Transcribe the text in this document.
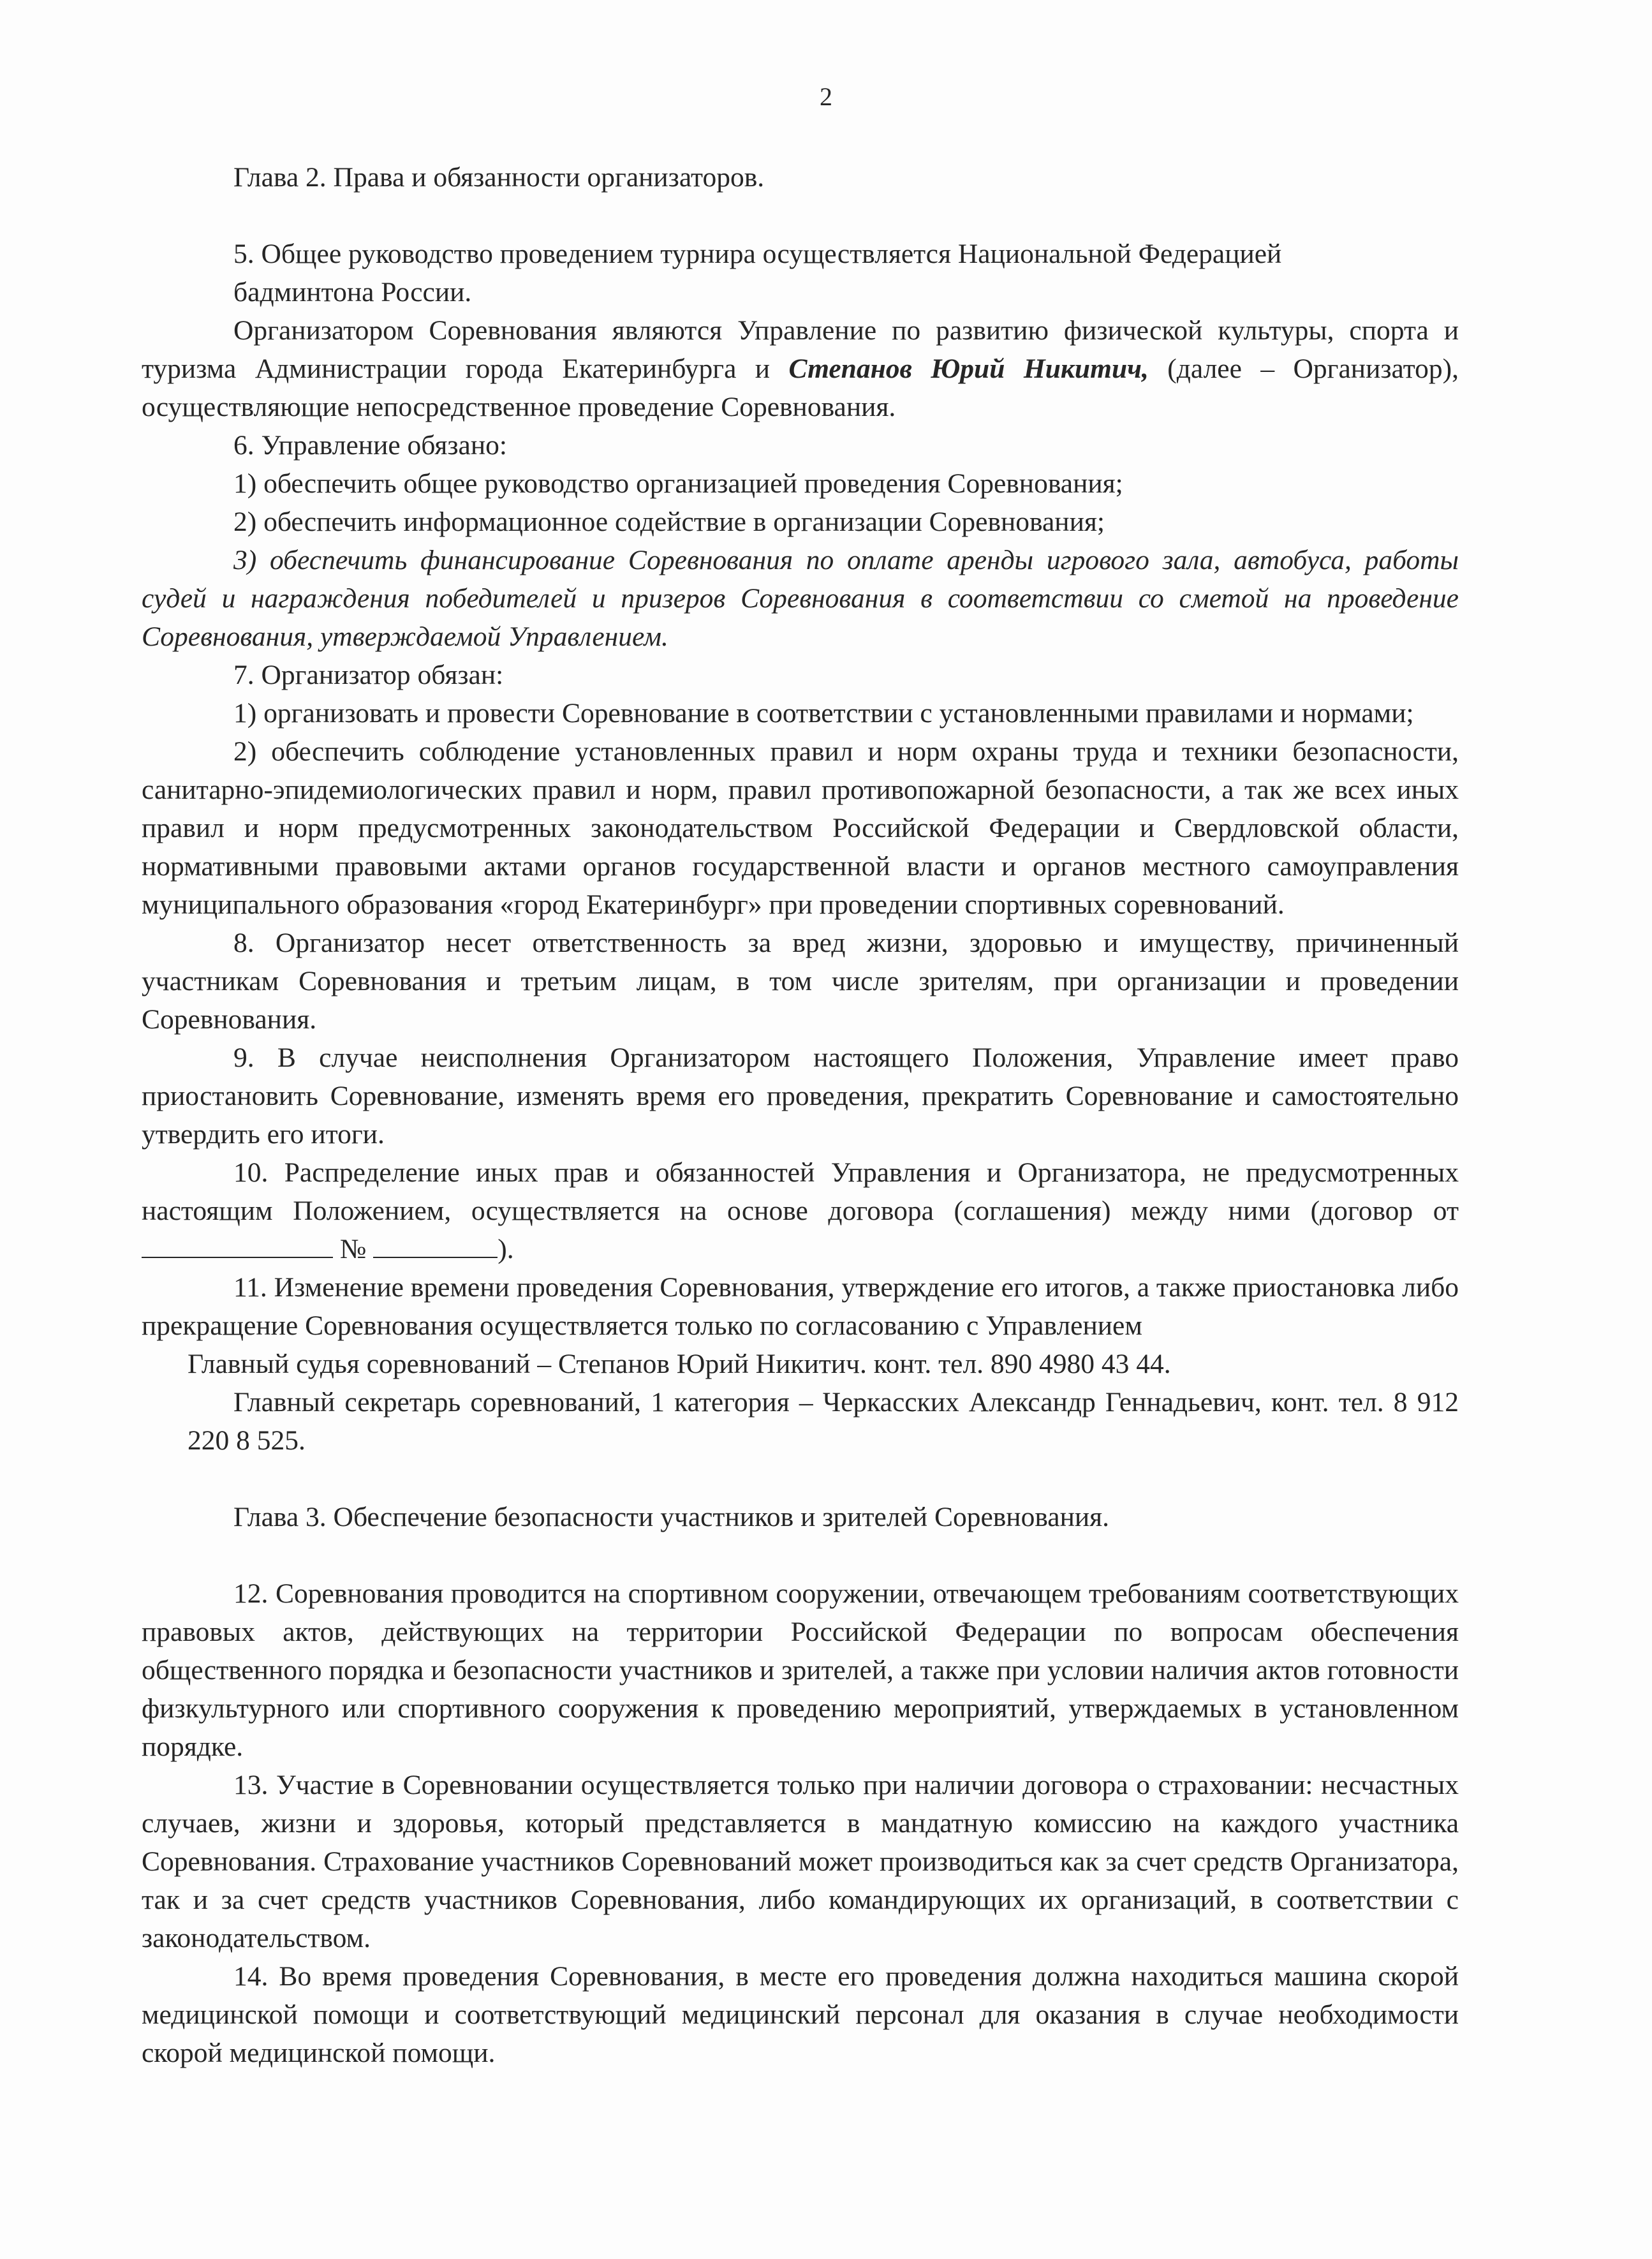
2

Глава 2. Права и обязанности организаторов.

5. Общее руководство проведением турнира осуществляется Национальной Федерацией

бадминтона России.

Организатором Соревнования являются Управление по развитию физической культуры, спорта и туризма Администрации города Екатеринбурга и Степанов Юрий Никитич, (далее – Организатор), осуществляющие непосредственное проведение Соревнования.

6. Управление обязано:

1) обеспечить общее руководство организацией проведения Соревнования;

2) обеспечить информационное содействие в организации Соревнования;

3) обеспечить финансирование Соревнования по оплате аренды игрового зала, автобуса, работы судей и награждения победителей и призеров Соревнования в соответствии со сметой на проведение Соревнования, утверждаемой Управлением.

7. Организатор обязан:

1) организовать и провести Соревнование в соответствии с установленными правилами и нормами;

2) обеспечить соблюдение установленных правил и норм охраны труда и техники безопасности, санитарно-эпидемиологических правил и норм, правил противопожарной безопасности, а так же всех иных правил и норм предусмотренных законодательством Российской Федерации и Свердловской области, нормативными правовыми актами органов государственной власти и органов местного самоуправления муниципального образования «город Екатеринбург» при проведении спортивных соревнований.

8. Организатор несет ответственность за вред жизни, здоровью и имуществу, причиненный участникам Соревнования и третьим лицам, в том числе зрителям, при организации и проведении Соревнования.

9. В случае неисполнения Организатором настоящего Положения, Управление имеет право приостановить Соревнование, изменять время его проведения, прекратить Соревнование и самостоятельно утвердить его итоги.

10. Распределение иных прав и обязанностей Управления и Организатора, не предусмотренных настоящим Положением, осуществляется на основе договора (соглашения) между ними (договор от  №	).

11. Изменение времени проведения Соревнования, утверждение его итогов, а также приостановка либо прекращение Соревнования осуществляется только по согласованию с Управлением

Главный судья соревнований – Степанов Юрий Никитич. конт. тел. 890 4980 43 44.

Главный секретарь соревнований, 1 категория – Черкасских Александр Геннадьевич, конт. тел. 8 912 220 8 525.

Глава 3. Обеспечение безопасности участников и зрителей Соревнования.

12. Соревнования проводится на спортивном сооружении, отвечающем требованиям соответствующих правовых актов, действующих на территории Российской Федерации по вопросам обеспечения общественного порядка и безопасности участников и зрителей, а также при условии наличия актов готовности физкультурного или спортивного сооружения к проведению мероприятий, утверждаемых в установленном порядке.

13. Участие в Соревновании осуществляется только при наличии договора о страховании: несчастных случаев, жизни и здоровья, который представляется в мандатную комиссию на каждого участника Соревнования. Страхование участников Соревнований может производиться как за счет средств Организатора, так и за счет средств участников Соревнования, либо командирующих их организаций, в соответствии с законодательством.

14. Во время проведения Соревнования, в месте его проведения должна находиться машина скорой медицинской помощи и соответствующий медицинский персонал для оказания в случае необходимости скорой медицинской помощи.
